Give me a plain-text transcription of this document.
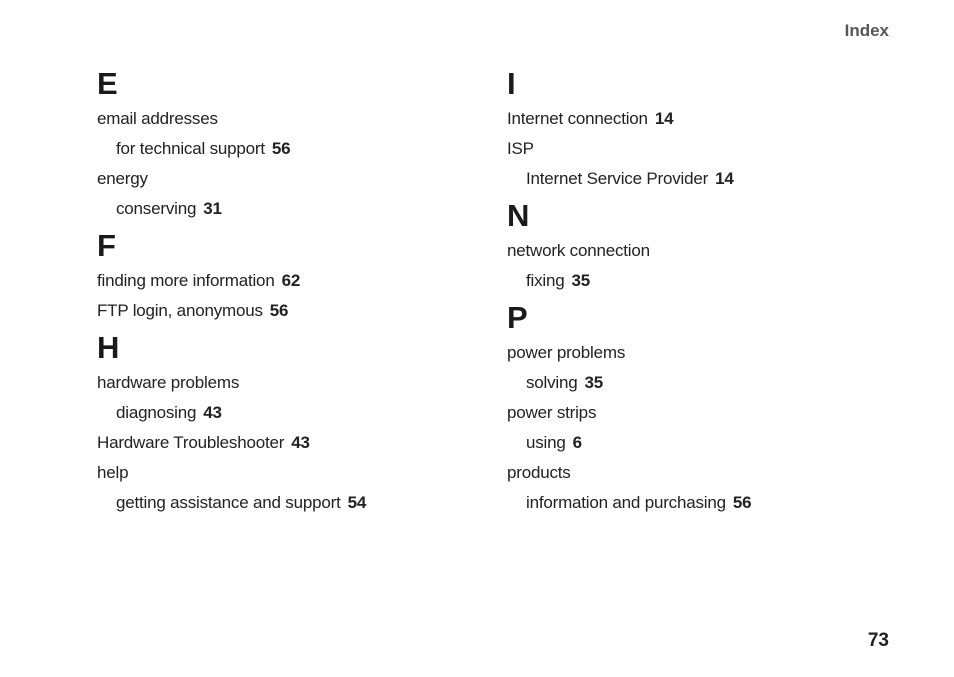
Index
E
email addresses
for technical support 56
energy
conserving 31
F
finding more information 62
FTP login, anonymous 56
H
hardware problems
diagnosing 43
Hardware Troubleshooter 43
help
getting assistance and support 54
I
Internet connection 14
ISP
Internet Service Provider 14
N
network connection
fixing 35
P
power problems
solving 35
power strips
using 6
products
information and purchasing 56
73
